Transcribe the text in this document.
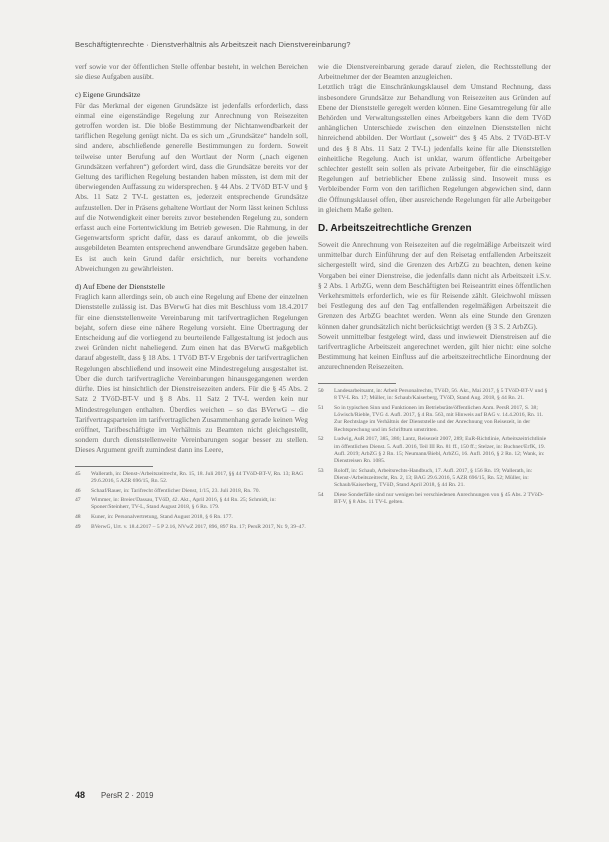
Beschäftigtenrechte · Dienstverhältnis als Arbeitszeit nach Dienstvereinbarung?

verf sowie vor der öffentlichen Stelle offenbar besteht, in welchen Bereichen sie diese Aufgaben ausübt.

c) Eigene Grundsätze

Für das Merkmal der eigenen Grundsätze ist jedenfalls erforderlich, dass einmal eine eigenständige Regelung zur Anrechnung von Reisezeiten getroffen worden ist. Die bloße Bestimmung der Nichtanwendbarkeit der tariflichen Regelung genügt nicht. Da es sich um „Grundsätze“ handeln soll, sind andere, abschließende generelle Bestimmungen zu fordern. Soweit teilweise unter Berufung auf den Wortlaut der Norm („nach eigenen Grundsätzen verfahren“) gefordert wird, dass die Grundsätze bereits vor der Geltung des tariflichen Regelung bestanden haben müssten, ist dem mit der überwiegenden Auffassung zu widersprechen. § 44 Abs. 2 TVöD BT-V und § Abs. 11 Satz 2 TV-L gestatten es, jederzeit entsprechende Grundsätze aufzustellen. Der in Präsens gehaltene Wortlaut der Norm lässt keinen Schluss auf die Notwendigkeit einer bereits zuvor bestehenden Regelung zu, sondern erfasst auch eine Fortentwicklung im Betrieb gewesen. Die Rahmung, in der Gegenwartsform spricht dafür, dass es darauf ankommt, ob die jeweils ausgebildeten Beamten entsprechend anwendbare Grundsätze gegeben haben. Es ist auch kein Grund dafür ersichtlich, nur bereits vorhandene Abweichungen zu gewährleisten.

d) Auf Ebene der Dienststelle

Fraglich kann allerdings sein, ob auch eine Regelung auf Ebene der einzelnen Dienststelle zulässig ist. Das BVerwG hat dies mit Beschluss vom 18.4.2017 für eine dienststellenweite Vereinbarung mit tarifvertraglichen Regelungen bejaht, sofern diese eine nähere Regelung vorsieht. Eine Übertragung der Entscheidung auf die vorliegend zu beurteilende Fallgestaltung ist jedoch aus zwei Gründen nicht naheliegend. Zum einen hat das BVerwG maßgeblich darauf abgestellt, dass § 18 Abs. 1 TVöD BT-V Ergebnis der tarifvertraglichen Regelungen abschließend und insoweit eine Mindestregelung ausgestaltet ist. Über die durch tarifvertragliche Vereinbarungen hinausgegangenen werden dürfte. Dies ist hinsichtlich der Dienstreisezeiten anders. Für die § 45 Abs. 2 Satz 2 TVöD-BT-V und § 8 Abs. 11 Satz 2 TV-L werden kein nur Mindestregelungen enthalten. Überdies weichen – so das BVerwG – die Tarifvertragsparteien im tarifvertraglichen Zusammenhang gerade keinen Weg eröffnet, Tarifbeschäftigte im Verhältnis zu Beamten nicht gleichgestellt, sondern durch dienststellenweite Vereinbarungen sogar besser zu stellen. Dieses Argument greift zumindest dann ins Leere,

45	Wallerath, in: Dienst-/Arbeitszeitrecht, Rn. 15, 18. Juli 2017, §§ 44 TVöD-BT-V, Rn. 13; BAG 29.6.2016, 5 AZR 696/15, Rn. 52.
46	Schaaf/Rauer, in: Tarifrecht öffentlicher Dienst, 1/15, 23. Juli 2018, Rn. 70.
47	Wimmer, in: Breier/Dassau, TVöD, 42. Akt., April 2016, § 44 Rn. 25; Schmidt, in: Sponer/Steinherr, TV-L, Stand August 2018, § 6 Rn. 179.
48	Kuner, in: Personalvertretung, Stand August 2018, § 6 Rn. 177.
49	BVerwG, Urt. v. 18.4.2017 – 5 P 2.16, NVwZ 2017, 896, 897 Rn. 17; PersR 2017, Nr. 9, 39–47.

wie die Dienstvereinbarung gerade darauf zielen, die Rechtsstellung der Arbeitnehmer der der Beamten anzugleichen.

Letztlich trägt die Einschränkungsklausel dem Umstand Rechnung, dass insbesondere Grundsätze zur Behandlung von Reisezeiten aus Gründen auf Ebene der Dienststelle geregelt werden können. Eine Gesamtregelung für alle Behörden und Verwaltungsstellen eines Arbeitgebers kann die dem TVöD anhänglichen Unterschiede zwischen den einzelnen Dienststellen nicht hinreichend abbilden. Der Wortlaut („soweit“ des § 45 Abs. 2 TVöD-BT-V und des § 8 Abs. 11 Satz 2 TV-L) jedenfalls keine für alle Dienststellen einheitliche Regelung. Auch ist unklar, warum öffentliche Arbeitgeber schlechter gestellt sein sollen als private Arbeitgeber, für die einschlägige Regelungen auf betrieblicher Ebene zulässig sind. Insoweit muss es Verbleibender Form von den tariflichen Regelungen abgewichen sind, dann die Öffnungsklausel offen, über ausreichende Regelungen für alle Arbeitgeber in gleichem Maße gelten.

D. Arbeitszeitrechtliche Grenzen

Soweit die Anrechnung von Reisezeiten auf die regelmäßige Arbeitszeit wird unmittelbar durch Einführung der auf den Reisetag entfallenden Arbeitszeit sichergestellt wird, sind die Grenzen des ArbZG zu beachten, denen keine Vorgaben bei einer Dienstreise, die jedenfalls dann nicht als Arbeitszeit i.S.v. § 2 Abs. 1 ArbZG, wenn dem Beschäftigten bei Reiseantritt eines öffentlichen Verkehrsmittels erforderlich, wie es für Reisende zählt. Gleichwohl müssen bei Festlegung des auf den Tag entfallenden regelmäßigen Arbeitszeit die Grenzen des ArbZG beachtet werden. Wenn als eine Stunde den Grenzen können daher grundsätzlich nicht berücksichtigt werden (§ 3 S. 2 ArbZG).

Soweit unmittelbar festgelegt wird, dass und inwieweit Dienstreisen auf die tarifvertragliche Arbeitszeit angerechnet werden, gilt hier nicht: eine solche Bestimmung hat keinen Einfluss auf die arbeitszeitrechtliche Einordnung der anzurechnenden Reisezeiten.

50	Landesarbeitsamt, in: Arbeit Personalrechts, TVöD, 56. Akt., Mai 2017, § 5 TVöD-BT-V und § 8 TV-L Rn. 17; Müller, in: Schaub/Kaiserberg, TVöD, Stand Aug. 2018, § 44 Rn. 21.
51	So in typischen Sinn und Funktionen im Betriebsräte/öffentlichen Anm. PersR 2017, S. 38; Löwisch/Rieble, TVG 4. Aufl. 2017, § 4 Rn. 563, mit Hinweis auf BAG v. 14.4.2016, Rn. 11. Zur Rechtslage im Verhältnis der Dienststelle und der Anrechnung von Reisezeit, in der Rechtsprechung und im Schrifttum umstritten.
52	Ludwig, AuR 2017, 385, 386; Lantz, Reisezeit 2007, 289; EuR-Richtlinie, Arbeitszeitrichtlinie im öffentlichen Dienst. 5. Aufl. 2016, Teil III Rn. 81 ff., 150 ff.; Stelzer, in: Buchner/ErfK, 19. Aufl. 2019; ArbZG § 2 Rn. 15; Neumann/Biebl, ArbZG, 16. Aufl. 2016, § 2 Rn. 12; Wank, in: Dienstreisen Rn. 1085.
53	Roloff, in: Schaub, Arbeitsrechts-Handbuch, 17. Aufl. 2017, § 156 Rn. 19; Wallerath, in: Dienst-/Arbeitszeitrecht, Rn. 2, 13; BAG 29.6.2016, 5 AZR 696/15, Rn. 52; Müller, in: Schaub/Kaiserberg, TVöD, Stand April 2018, § 44 Rn. 21.
54	Diese Sonderfälle sind nur wenigen bei verschiedenen Anrechnungen von § 45 Abs. 2 TVöD-BT-V, § 8 Abs. 11 TV-L gelten.
48 PersR 2 · 2019
